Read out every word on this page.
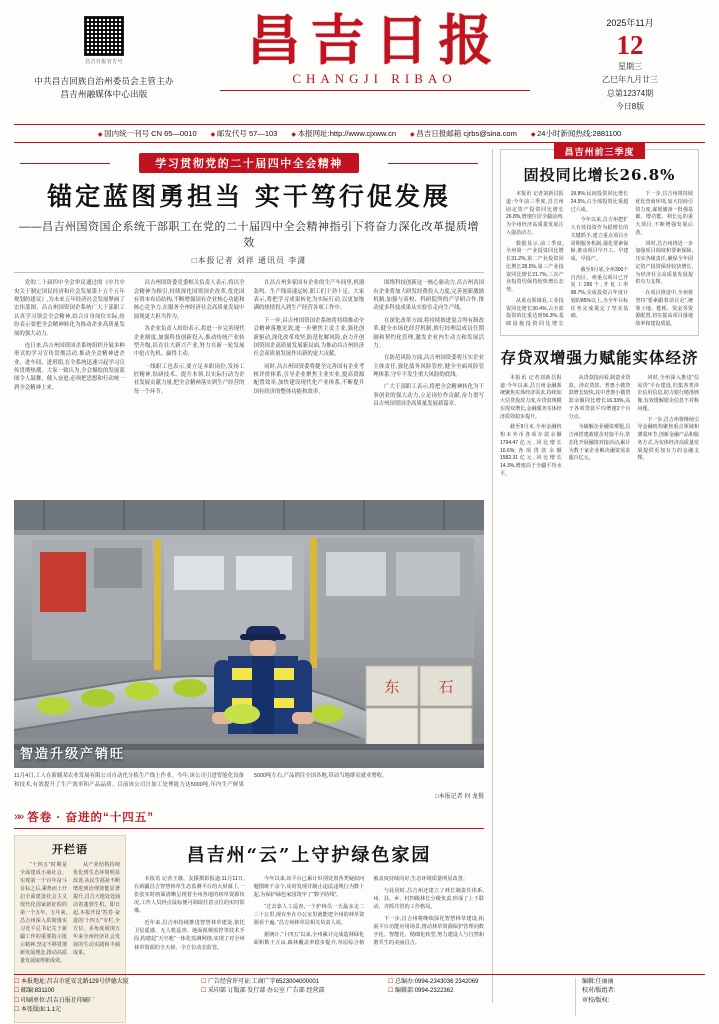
昌吉日报官方号
中共昌吉回族自治州委员会主管主办
昌吉州融媒体中心出版
昌吉日报
CHANGJI RIBAO
2025年11月
12
星期三
乙巳年九月廿三
总第12374期
今日8版
◆ 国内统一刊号 CN 65—0010	◆ 邮发代号 57—103	◆ 本报网址:http://www.cjxww.cn	◆ 昌吉日报邮箱 cjrbs@sina.com	◆ 24小时新闻热线:2881100
学习贯彻党的二十届四中全会精神
锚定蓝图勇担当 实干笃行促发展
——昌吉州国资国企系统干部职工在党的二十届四中全会精神指引下将奋力深化改革提质增效
□本报记者 刘祥 通讯员 李潇

党的二十届四中全会审议通过的《中共中央关于制定国民经济和社会发展第十五个五年规划的建议》,为未来五年经济社会发展擘画了宏伟蓝图。昌吉州国资国企系统广大干部职工认真学习领会全会精神,结合自身岗位实际,纷纷表示要把全会精神转化为推动企业高质量发展的强大动力。

连日来,昌吉州国资国企系统组织开展多种形式的学习宣传贯彻活动,推动全会精神进企业、进车间、进班组,在全系统迅速兴起学习宣传贯彻热潮。大家一致认为,全会描绘的发展蓝图令人鼓舞、催人奋进,必须把思想和行动统一到全会精神上来。

昌吉州国资委党委相关负责人表示,将以全会精神为指引,持续深化国资国企改革,优化国有资本布局结构,不断增强国有企业核心功能和核心竞争力,在服务全州经济社会高质量发展中展现更大担当作为。

各企业负责人纷纷表示,将进一步完善现代企业制度,加强科技创新投入,推动传统产业转型升级,培育壮大新兴产业,努力在新一轮发展中抢占先机、赢得主动。

一线职工也表示,要立足本职岗位,发扬工匠精神,钻研技术、提升本领,以实际行动为企业发展贡献力量,把全会精神落实到生产经营的每一个环节。

在昌吉州多家国有企业的生产车间里,机器轰鸣、生产线高速运转,职工们干劲十足。大家表示,将把学习成果转化为实际行动,以更加饱满的热情投入到生产经营各项工作中。

下一步,昌吉州国资国企系统将持续推动全会精神落地见效,进一步聚焦主责主业,强化创新驱动,深化改革攻坚,防范化解风险,奋力开创国资国企高质量发展新局面,为推动昌吉州经济社会高质量发展作出新的更大贡献。

同时,昌吉州国资委将健全完善国有企业考核评价体系,引导企业聚焦主业实业,提高资源配置效率,加快建设现代化产业体系,不断提升国有经济的整体功能和效率。

围绕科技创新这一核心驱动力,昌吉州各国有企业将加大研发经费投入力度,完善创新激励机制,加强与高校、科研院所的产学研合作,推动更多科技成果从实验室走向生产线。

在深化改革方面,将持续推进混合所有制改革,健全市场化经营机制,推行经理层成员任期制和契约化管理,激发企业内生动力和发展活力。

在防范风险方面,昌吉州国资委将压实企业主体责任,强化债务风险管控,健全全面风险管理体系,守牢不发生重大风险的底线。

广大干部职工表示,将把全会精神转化为干事创业的强大动力,立足岗位作贡献,奋力谱写昌吉州国资国企高质量发展新篇章。

东	石
智造升级产销旺
11月4日,工人在新疆某农业发展有限公司自动化分拣生产线上作业。今年,该公司引进智能化设备和技术,有效提升了生产效率和产品品质。目前该公司日加工处理能力达5000吨,年内生产鲜果5000吨左右,产品销往全国各地,带动当地群众就业增收。
□本报记者 何 龙摄
»» 答卷 · 奋进的“十四五”
开栏语

“十四五”时期是全面建成小康社会、实现第一个百年奋斗目标之后,乘势而上开启全面建设社会主义现代化国家新征程的第一个五年。五年来,昌吉州深入贯彻落实习近平总书记关于新疆工作的重要指示批示精神,坚定不移贯彻新发展理念,推动高质量发展取得新成效。

从产业结构持续优化到生态环境明显改善,从民生福祉不断增进到治理效能显著提升,昌吉大地处处涌动着蓬勃生机。即日起,本报开设“答卷·奋进的‘十四五’”专栏,全方位、多角度展现五年来全州经济社会发展的生动实践和丰硕成果。

昌吉州“云”上守护绿色家园

本报讯 记者王薇、友援摄影报道:11月11日,在新疆昌吉智慧林草生态监测平台的大屏幕上,一张张实时画面清晰呈现着全州各地的林草资源状况,工作人员轻点鼠标便可调取任意点位的实时影像。

近年来,昌吉州持续推进智慧林草建设,依托卫星遥感、无人机巡查、地面视频监控等技术手段,构建起“天空地”一体化监测网络,实现了对全州林草资源的全天候、全方位动态监管。

今年以来,该平台已累计识别处置各类疑似问题图斑千余个,及时发现并制止违法违规行为数十起,为保护绿色家园筑牢了“数字防线”。

“过去靠人工巡查,一个护林员一天最多走二三十公里,现在坐在办公室里就能把全州的林草资源看个遍。”昌吉州林草局相关负责人说。

据统计,“十四五”以来,全州累计完成造林绿化面积数十万亩,森林覆盖率稳步提升,草原综合植被盖度持续向好,生态环境质量明显改善。

与此同时,昌吉州还建立了林长制责任体系,州、县、乡、村四级林长分级负责,形成了上下联动、齐抓共管的工作格局。

下一步,昌吉州将继续深化智慧林草建设,拓展平台功能应用场景,推动林草资源保护管理向数字化、智能化、精细化转型,努力建设人与自然和谐共生的美丽昌吉。

昌吉州前三季度
固投同比增长26.8%

本报讯 记者刘新昌报道:今年前三季度,昌吉州固定资产投资同比增长26.8%,增速位居全疆前列,为全州经济高质量发展注入强劲动力。

数据显示,前三季度,全州第一产业投资同比增长31.2%,第二产业投资同比增长28.5%,第三产业投资同比增长21.7%,三次产业投资均保持较快增长态势。

从重点领域看,工业投资同比增长30.4%,占全部投资的比重达到56.3%;基础设施投资同比增长19.8%;民间投资同比增长24.5%,占全部投资比重超过六成。

今年以来,昌吉州把扩大有效投资作为稳增长的关键抓手,建立重点项目全周期服务机制,强化要素保障,推动项目早开工、早建成、早投产。

截至9月底,全州300个自治区、州重点项目已开复工296个,开复工率98.7%,完成投资占年度计划的85%以上,为全年目标任务完成奠定了坚实基础。

下一步,昌吉州将持续优化营商环境,加大招商引资力度,谋划储备一批强基础、增功能、利长远的重大项目,不断增强发展后劲。

同时,昌吉州将进一步加强项目调度和要素保障,压实各级责任,确保全年固定资产投资保持较快增长,为经济社会高质量发展提供有力支撑。

在项目推进中,全州将坚持“要素跟着项目走”,统筹土地、能耗、资金等资源配置,切实提高项目落地效率和建设质量。

存贷双增强力赋能实体经济

本报讯 记者刘新昌报道:今年以来,昌吉州金融系统聚焦实体经济需求,持续加大信贷投放力度,存贷款规模实现双增长,金融服务实体经济质效稳步提升。

截至9月末,全州金融机构本外币各项存款余额1794.47亿元,同比增长10.6%;各项贷款余额1582.31亿元,同比增长14.3%,增速高于全疆平均水平。

从贷款投向看,制造业贷款、涉农贷款、普惠小微贷款增长较快,其中普惠小微贷款余额同比增长16.33%,高于各项贷款平均增速2个百分点。

为破解企业融资难题,昌吉州搭建政银企对接平台,常态化开展融资对接活动,累计为数千家企业解决融资需求超百亿元。

同时,全州深入推进“信易贷”平台建设,归集各类涉企信用信息,助力银行精准画像,有效缓解银企信息不对称问题。

下一步,昌吉州将继续引导金融机构聚焦重点领域和薄弱环节,创新金融产品和服务方式,为实体经济高质量发展提供更加有力的金融支撑。

☐ 本报地址:昌吉市延安北路129号伊德大厦
☐ 邮编:831100
☐ 印刷单位:昌吉日报社印刷厂
☐ 本张版面:1.1元
☐ 广告经营许可证:工商广字6523004000001
☐ 采印部 订版部 发行部 办公室 广告部 经营部
☐ 总编办:0994-2343036 2342069
☐ 编辑部:0994-2322362
编辑:任丽丽
校对/版组者:
审校/版权:
